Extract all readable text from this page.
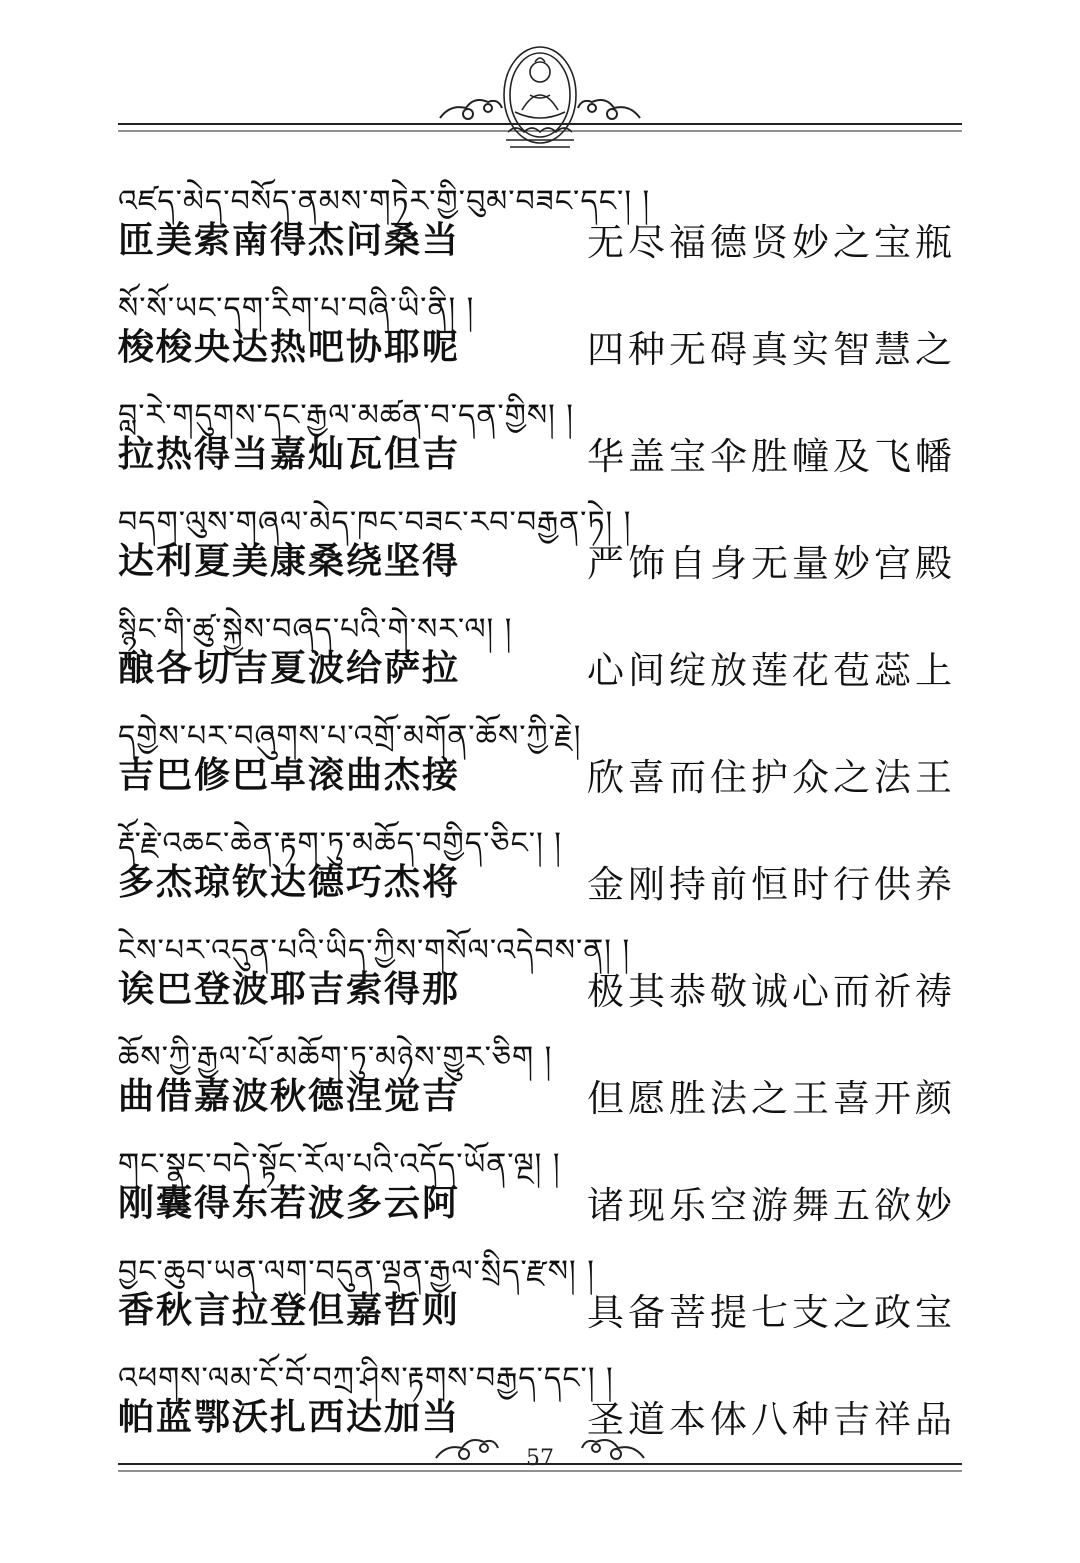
འཛད་མེད་བསོད་ནམས་གཏེར་གྱི་བུམ་བཟང་དང་། །
匝美索南得杰问桑当	无尽福德贤妙之宝瓶
སོ་སོ་ཡང་དག་རིག་པ་བཞི་ཡི་ནི། །
梭梭央达热吧协耶呢	四种无碍真实智慧之
བླ་རེ་གདུགས་དང་རྒྱལ་མཚན་བ་དན་གྱིས། །
拉热得当嘉灿瓦但吉	华盖宝伞胜幢及飞幡
བདག་ལུས་གཞལ་མེད་ཁང་བཟང་རབ་བརྒྱན་ཏེ། །
达利夏美康桑绕坚得	严饰自身无量妙宫殿
སྙིང་གི་ཚུ་སྐྱེས་བཞད་པའི་གེ་སར་ལ། །
酿各切吉夏波给萨拉	心间绽放莲花苞蕊上
དགྱེས་པར་བཞུགས་པ་འགྲོ་མགོན་ཆོས་ཀྱི་རྗེ།
吉巴修巴卓滚曲杰接	欣喜而住护众之法王
རྡོ་རྗེ་འཆང་ཆེན་རྟག་ཏུ་མཆོད་བགྱིད་ཅིང་། །
多杰琼钦达德巧杰将	金刚持前恒时行供养
ངེས་པར་འདུན་པའི་ཡིད་ཀྱིས་གསོལ་འདེབས་ན། །
诶巴登波耶吉索得那	极其恭敬诚心而祈祷
ཆོས་ཀྱི་རྒྱལ་པོ་མཆོག་ཏུ་མཉེས་གྱུར་ཅིག །
曲借嘉波秋德涅觉吉	但愿胜法之王喜开颜
གང་སྣང་བདེ་སྟོང་རོལ་པའི་འདོད་ཡོན་ལྔ། །
刚囊得东若波多云阿	诸现乐空游舞五欲妙
བྱང་ཆུབ་ཡན་ལག་བདུན་ལྡན་རྒྱལ་སྲིད་རྫས། །
香秋言拉登但嘉哲则	具备菩提七支之政宝
འཕགས་ལམ་ངོ་བོ་བཀྲ་ཤིས་རྟགས་བརྒྱད་དང་། །
帕蓝鄂沃扎西达加当	圣道本体八种吉祥品
57
